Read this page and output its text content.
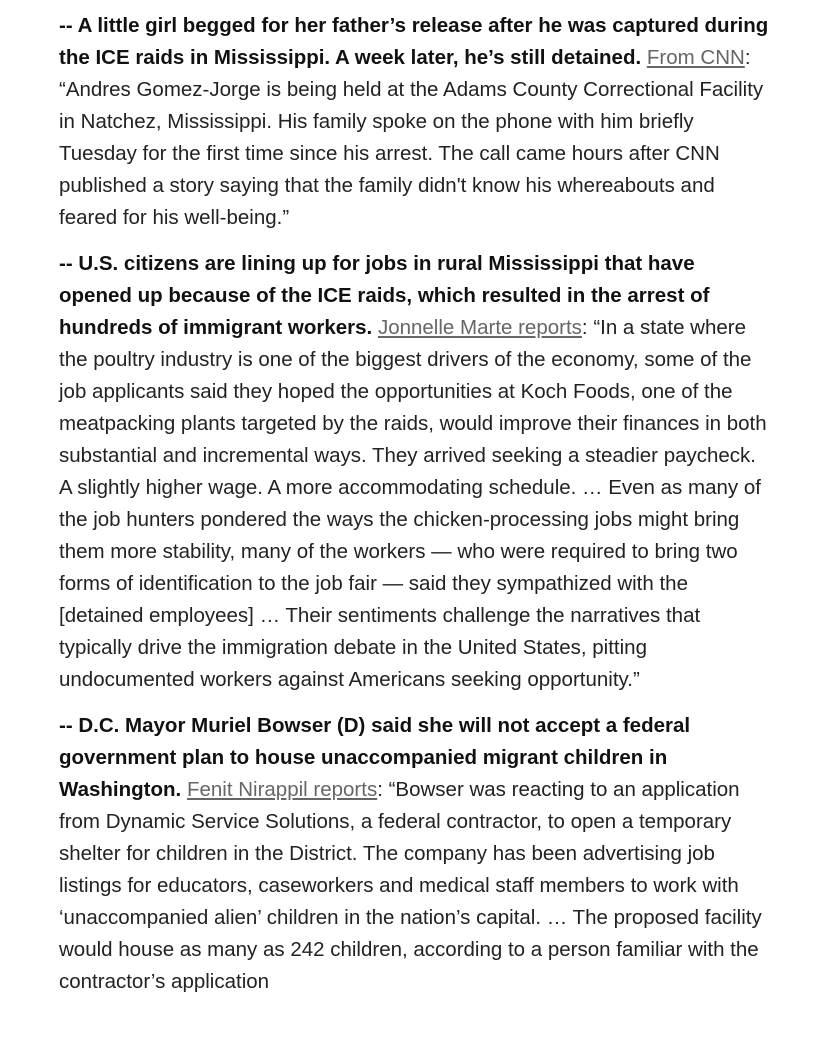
-- A little girl begged for her father’s release after he was captured during the ICE raids in Mississippi. A week later, he’s still detained. From CNN: “Andres Gomez-Jorge is being held at the Adams County Correctional Facility in Natchez, Mississippi. His family spoke on the phone with him briefly Tuesday for the first time since his arrest. The call came hours after CNN published a story saying that the family didn't know his whereabouts and feared for his well-being.”

-- U.S. citizens are lining up for jobs in rural Mississippi that have opened up because of the ICE raids, which resulted in the arrest of hundreds of immigrant workers. Jonnelle Marte reports: “In a state where the poultry industry is one of the biggest drivers of the economy, some of the job applicants said they hoped the opportunities at Koch Foods, one of the meatpacking plants targeted by the raids, would improve their finances in both substantial and incremental ways. They arrived seeking a steadier paycheck. A slightly higher wage. A more accommodating schedule. … Even as many of the job hunters pondered the ways the chicken-processing jobs might bring them more stability, many of the workers — who were required to bring two forms of identification to the job fair — said they sympathized with the [detained employees] … Their sentiments challenge the narratives that typically drive the immigration debate in the United States, pitting undocumented workers against Americans seeking opportunity.”

-- D.C. Mayor Muriel Bowser (D) said she will not accept a federal government plan to house unaccompanied migrant children in Washington. Fenit Nirappil reports: “Bowser was reacting to an application from Dynamic Service Solutions, a federal contractor, to open a temporary shelter for children in the District. The company has been advertising job listings for educators, caseworkers and medical staff members to work with ‘unaccompanied alien’ children in the nation’s capital. … The proposed facility would house as many as 242 children, according to a person familiar with the contractor’s application
